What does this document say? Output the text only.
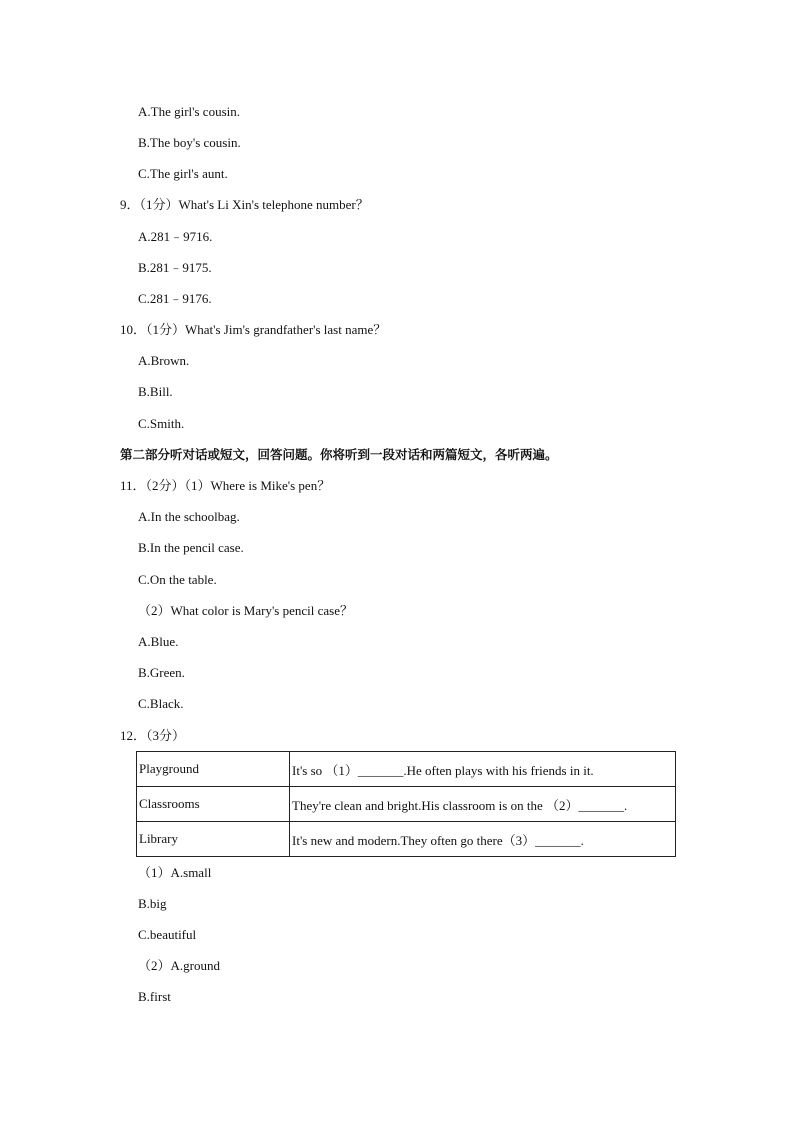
A.The girl's cousin.
B.The boy's cousin.
C.The girl's aunt.
9．（1分）What's Li Xin's telephone number？
A.281﹣9716.
B.281﹣9175.
C.281﹣9176.
10．（1分）What's Jim's grandfather's last name？
A.Brown.
B.Bill.
C.Smith.
第二部分听对话或短文，回答问题。你将听到一段对话和两篇短文，各听两遍。
11．（2分）（1）Where is Mike's pen？
A.In the schoolbag.
B.In the pencil case.
C.On the table.
（2）What color is Mary's pencil case？
A.Blue.
B.Green.
C.Black.
12．（3分）
Playground	It's so （1）_______.He often plays with his friends in it.
Classrooms	They're clean and bright.His classroom is on the （2）_______.
Library	It's new and modern.They often go there（3）_______.
（1）A.small
B.big
C.beautiful
（2）A.ground
B.first
